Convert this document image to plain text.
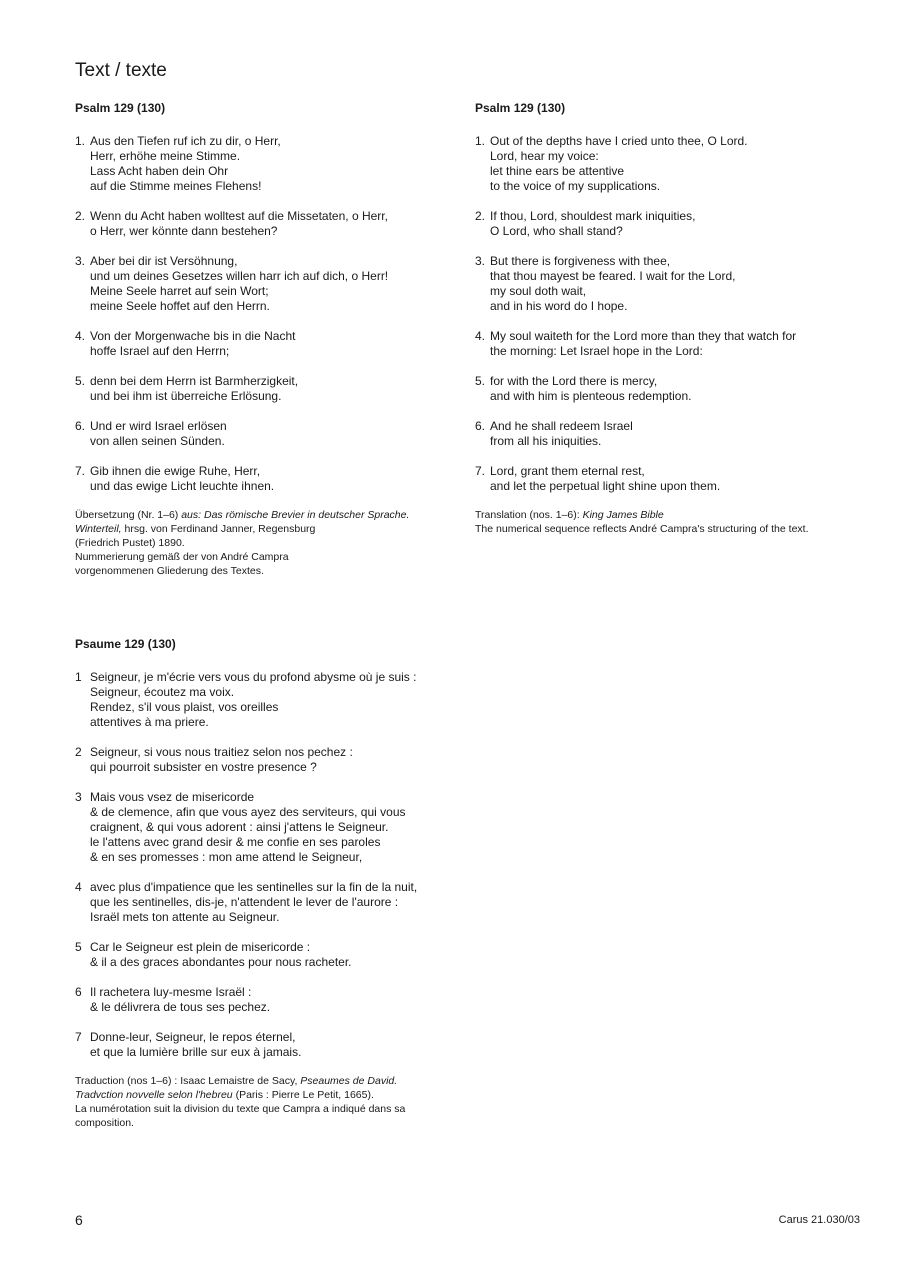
Text / texte
Psalm 129 (130)
1. Aus den Tiefen ruf ich zu dir, o Herr,
Herr, erhöhe meine Stimme.
Lass Acht haben dein Ohr
auf die Stimme meines Flehens!
2. Wenn du Acht haben wolltest auf die Missetaten, o Herr,
o Herr, wer könnte dann bestehen?
3. Aber bei dir ist Versöhnung,
und um deines Gesetzes willen harr ich auf dich, o Herr!
Meine Seele harret auf sein Wort;
meine Seele hoffet auf den Herrn.
4. Von der Morgenwache bis in die Nacht
hoffe Israel auf den Herrn;
5. denn bei dem Herrn ist Barmherzigkeit,
und bei ihm ist überreiche Erlösung.
6. Und er wird Israel erlösen
von allen seinen Sünden.
7. Gib ihnen die ewige Ruhe, Herr,
und das ewige Licht leuchte ihnen.
Übersetzung (Nr. 1–6) aus: Das römische Brevier in deutscher Sprache.
Winterteil, hrsg. von Ferdinand Janner, Regensburg
(Friedrich Pustet) 1890.
Nummerierung gemäß der von André Campra
vorgenommenen Gliederung des Textes.
Psalm 129 (130)
1. Out of the depths have I cried unto thee, O Lord.
Lord, hear my voice:
let thine ears be attentive
to the voice of my supplications.
2. If thou, Lord, shouldest mark iniquities,
O Lord, who shall stand?
3. But there is forgiveness with thee,
that thou mayest be feared. I wait for the Lord,
my soul doth wait,
and in his word do I hope.
4. My soul waiteth for the Lord more than they that watch for
the morning: Let Israel hope in the Lord:
5. for with the Lord there is mercy,
and with him is plenteous redemption.
6. And he shall redeem Israel
from all his iniquities.
7. Lord, grant them eternal rest,
and let the perpetual light shine upon them.
Translation (nos. 1–6): King James Bible
The numerical sequence reflects André Campra's structuring of the text.
Psaume 129 (130)
1 Seigneur, je m'écrie vers vous du profond abysme où je suis :
Seigneur, écoutez ma voix.
Rendez, s'il vous plaist, vos oreilles
attentives à ma priere.
2 Seigneur, si vous nous traitiez selon nos pechez :
qui pourroit subsister en vostre presence ?
3 Mais vous vsez de misericorde
& de clemence, afin que vous ayez des serviteurs, qui vous
craignent, & qui vous adorent : ainsi j'attens le Seigneur.
le l'attens avec grand desir & me confie en ses paroles
& en ses promesses : mon ame attend le Seigneur,
4 avec plus d'impatience que les sentinelles sur la fin de la nuit,
que les sentinelles, dis-je, n'attendent le lever de l'aurore :
Israël mets ton attente au Seigneur.
5 Car le Seigneur est plein de misericorde :
& il a des graces abondantes pour nous racheter.
6 Il rachetera luy-mesme Israël :
& le délivrera de tous ses pechez.
7 Donne-leur, Seigneur, le repos éternel,
et que la lumière brille sur eux à jamais.
Traduction (nos 1–6) : Isaac Lemaistre de Sacy, Pseaumes de David.
Tradvction novvelle selon l'hebreu (Paris : Pierre Le Petit, 1665).
La numérotation suit la division du texte que Campra a indiqué dans sa
composition.
6	Carus 21.030/03
